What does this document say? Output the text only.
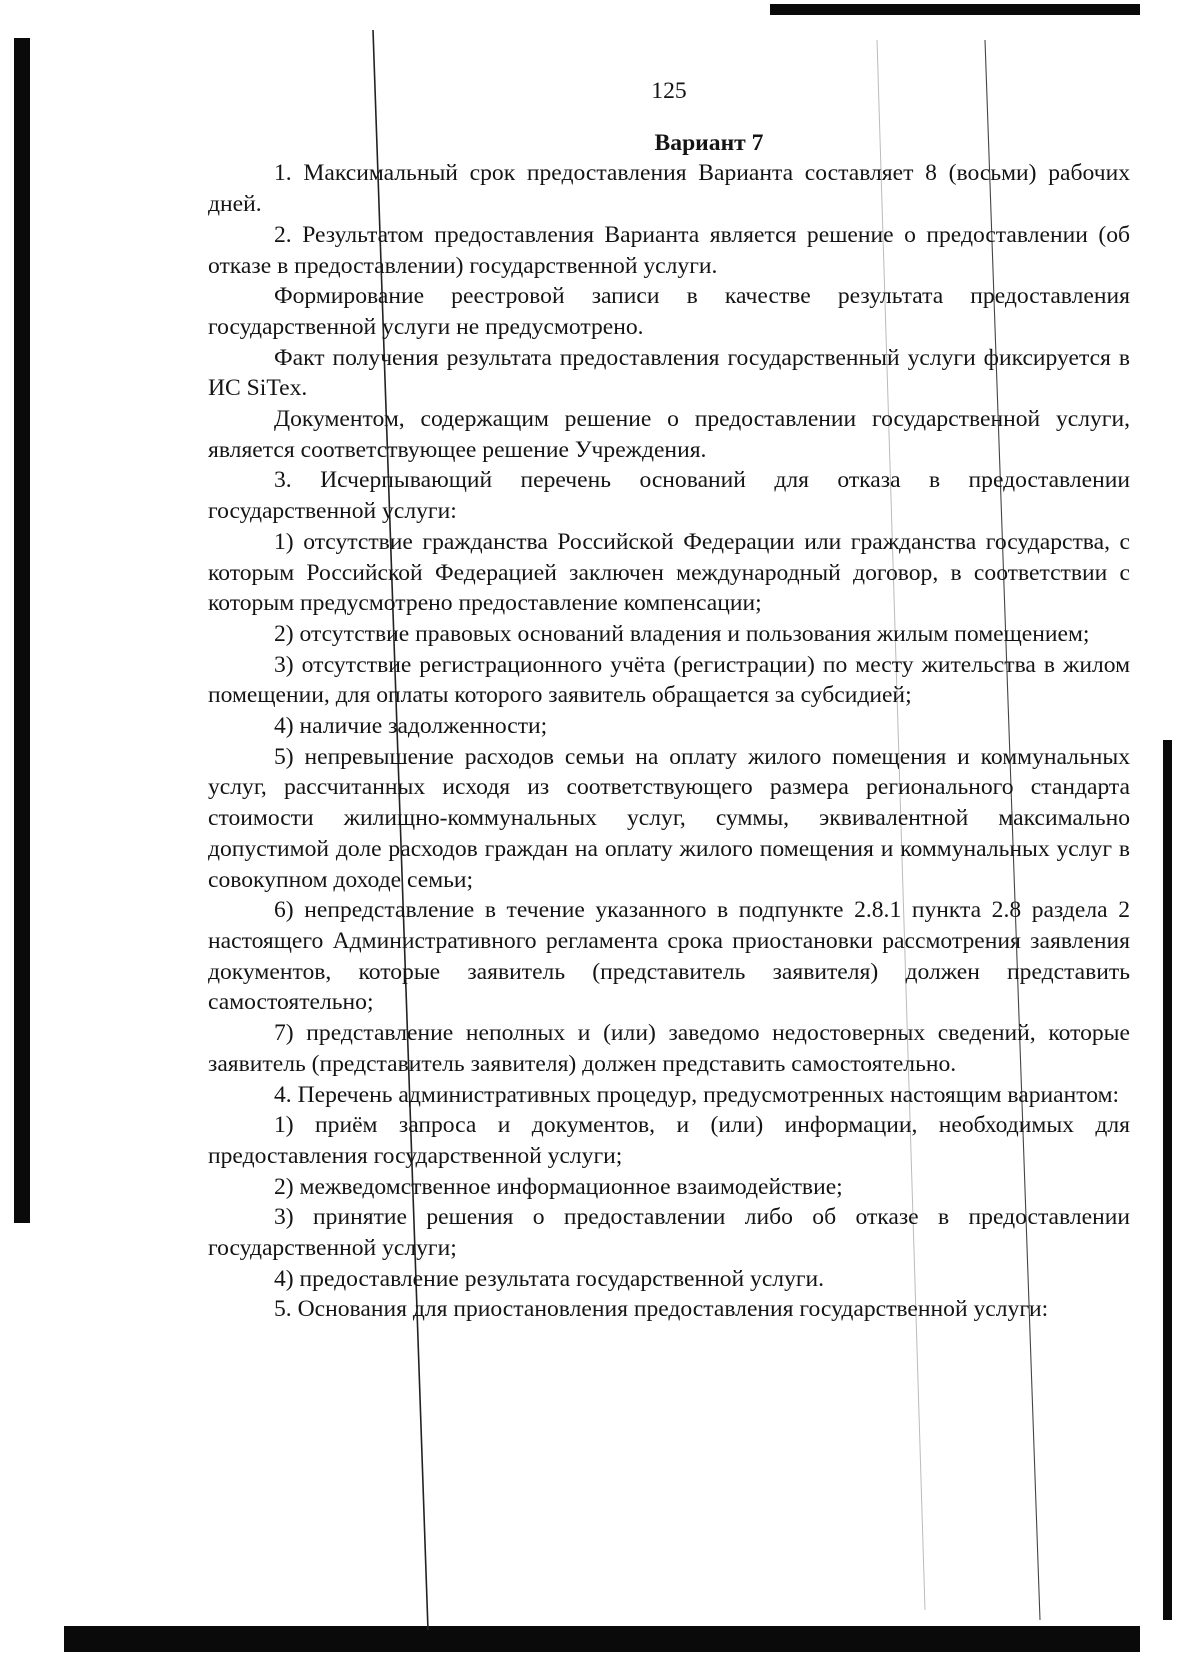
125
Вариант 7

1. Максимальный срок предоставления Варианта составляет 8 (восьми) рабочих дней.

2. Результатом предоставления Варианта является решение о предоставлении (об отказе в предоставлении) государственной услуги.

Формирование реестровой записи в качестве результата предоставления государственной услуги не предусмотрено.

Факт получения результата предоставления государственный услуги фиксируется в ИС SiTex.

Документом, содержащим решение о предоставлении государственной услуги, является соответствующее решение Учреждения.

3. Исчерпывающий перечень оснований для отказа в предоставлении государственной услуги:

1) отсутствие гражданства Российской Федерации или гражданства государства, с которым Российской Федерацией заключен международный договор, в соответствии с которым предусмотрено предоставление компенсации;

2) отсутствие правовых оснований владения и пользования жилым помещением;

3) отсутствие регистрационного учёта (регистрации) по месту жительства в жилом помещении, для оплаты которого заявитель обращается за субсидией;

4) наличие задолженности;

5) непревышение расходов семьи на оплату жилого помещения и коммунальных услуг, рассчитанных исходя из соответствующего размера регионального стандарта стоимости жилищно-коммунальных услуг, суммы, эквивалентной максимально допустимой доле расходов граждан на оплату жилого помещения и коммунальных услуг в совокупном доходе семьи;

6) непредставление в течение указанного в подпункте 2.8.1 пункта 2.8 раздела 2 настоящего Административного регламента срока приостановки рассмотрения заявления документов, которые заявитель (представитель заявителя) должен представить самостоятельно;

7) представление неполных и (или) заведомо недостоверных сведений, которые заявитель (представитель заявителя) должен представить самостоятельно.

4. Перечень административных процедур, предусмотренных настоящим вариантом:

1) приём запроса и документов, и (или) информации, необходимых для предоставления государственной услуги;

2) межведомственное информационное взаимодействие;

3) принятие решения о предоставлении либо об отказе в предоставлении государственной услуги;

4) предоставление результата государственной услуги.

5. Основания для приостановления предоставления государственной услуги:
